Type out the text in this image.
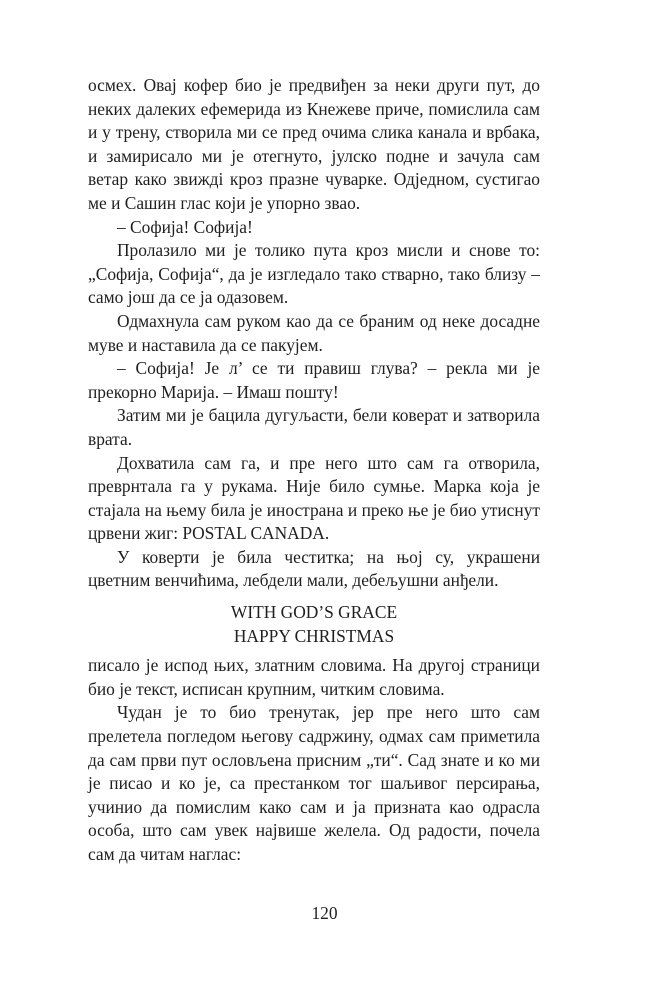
осмех. Овај кофер био је предвиђен за неки други пут, до неких далеких ефемерида из Кнежеве приче, помислила сам и у трену, створила ми се пред очима слика канала и врбака, и замирисало ми је отегнуто, јулско подне и зачула сам ветар како звиждi кроз празне чуварке. Одједном, сустигао ме и Сашин глас који је упорно звао.

– Софија! Софија!

Пролазило ми је толико пута кроз мисли и снове то: „Софија, Софија“, да је изгледало тако стварно, тако близу – само још да се ја одазовем.

Одмахнула сам руком као да се браним од неке досадне муве и наставила да се пакујем.

– Софија! Је л’ се ти правиш глува? – рекла ми је прекорно Марија. – Имаш пошту!

Затим ми је бацила дугуљасти, бели коверат и затворила врата.

Дохватила сам га, и пре него што сам га отворила, преврнтала га у рукама. Није било сумње. Марка која је стајала на њему била је инострана и преко ње је био утиснут црвени жиг: POSTAL CANADA.

У коверти је била честитка; на њој су, украшени цветним венчићима, лебдели мали, дебељушни анђели.

WITH GOD’S GRACE

HAPPY CHRISTMAS

писало је испод њих, златним словима. На другој страници био је текст, исписан крупним, читким словима.

Чудан је то био тренутак, јер пре него што сам прелетела погледом његову садржину, одмах сам приметила да сам први пут ословљена присним „ти“. Сад знате и ко ми је писао и ко је, са престанком тог шаљивог персирања, учинио да помислим како сам и ја призната као одрасла особа, што сам увек највише желела. Од радости, почела сам да читам наглас:

120
